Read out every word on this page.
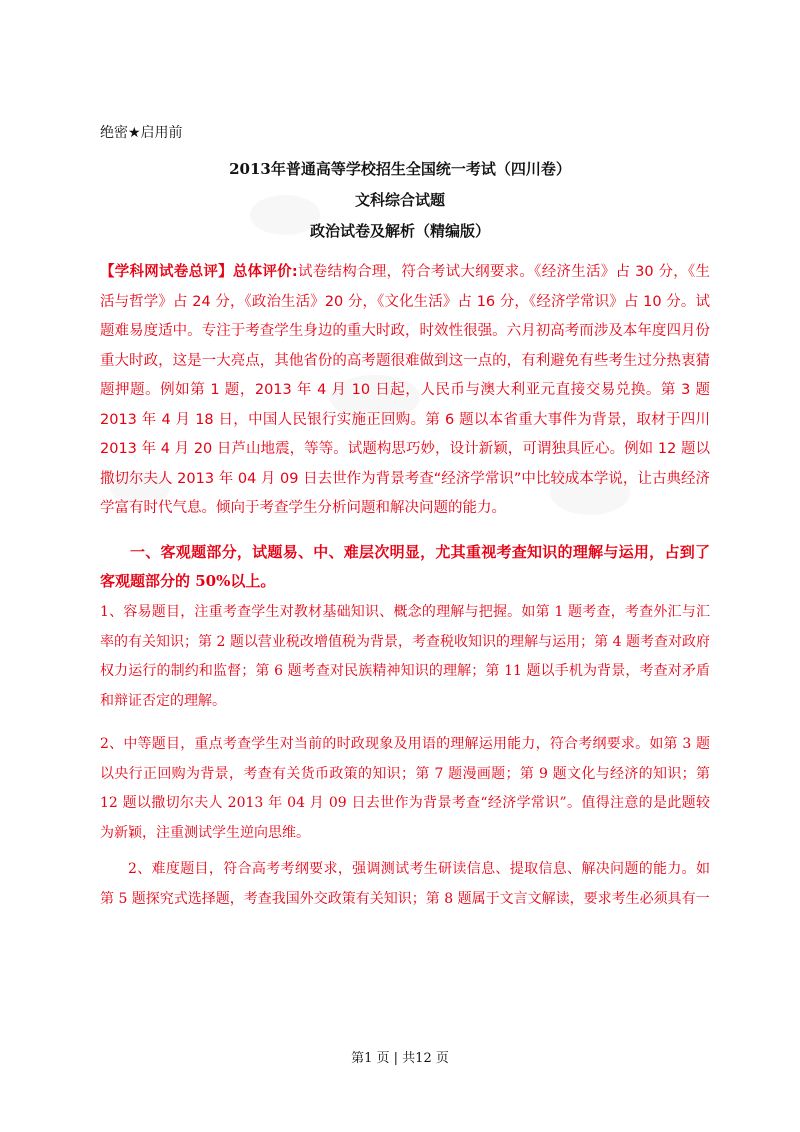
绝密★启用前
2013年普通高等学校招生全国统一考试（四川卷）
文科综合试题
政治试卷及解析（精编版）
【学科网试卷总评】总体评价:试卷结构合理，符合考试大纲要求。《经济生活》占 30 分，《生活与哲学》占 24 分，《政治生活》20 分，《文化生活》占 16 分，《经济学常识》占 10 分。试题难易度适中。专注于考查学生身边的重大时政，时效性很强。六月初高考而涉及本年度四月份重大时政，这是一大亮点，其他省份的高考题很难做到这一点的，有利避免有些考生过分热衷猜题押题。例如第 1 题，2013 年 4 月 10 日起，人民币与澳大利亚元直接交易兑换。第 3 题 2013 年 4 月 18 日，中国人民银行实施正回购。第 6 题以本省重大事件为背景，取材于四川 2013 年 4 月 20 日芦山地震，等等。试题构思巧妙，设计新颖，可谓独具匠心。例如 12 题以撒切尔夫人 2013 年 04 月 09 日去世作为背景考查“经济学常识”中比较成本学说，让古典经济学富有时代气息。倾向于考查学生分析问题和解决问题的能力。
一、客观题部分，试题易、中、难层次明显，尤其重视考查知识的理解与运用，占到了客观题部分的 50%以上。
1、容易题目，注重考查学生对教材基础知识、概念的理解与把握。如第 1 题考查，考查外汇与汇率的有关知识；第 2 题以营业税改增值税为背景，考查税收知识的理解与运用；第 4 题考查对政府权力运行的制约和监督；第 6 题考查对民族精神知识的理解；第 11 题以手机为背景，考查对矛盾和辩证否定的理解。
2、中等题目，重点考查学生对当前的时政现象及用语的理解运用能力，符合考纲要求。如第 3 题以央行正回购为背景，考查有关货币政策的知识；第 7 题漫画题；第 9 题文化与经济的知识；第 12 题以撒切尔夫人 2013 年 04 月 09 日去世作为背景考查“经济学常识”。值得注意的是此题较为新颖，注重测试学生逆向思维。
2、难度题目，符合高考考纲要求，强调测试考生研读信息、提取信息、解决问题的能力。如第 5 题探究式选择题，考查我国外交政策有关知识；第 8 题属于文言文解读，要求考生必须具有一
第1 页 | 共12 页
